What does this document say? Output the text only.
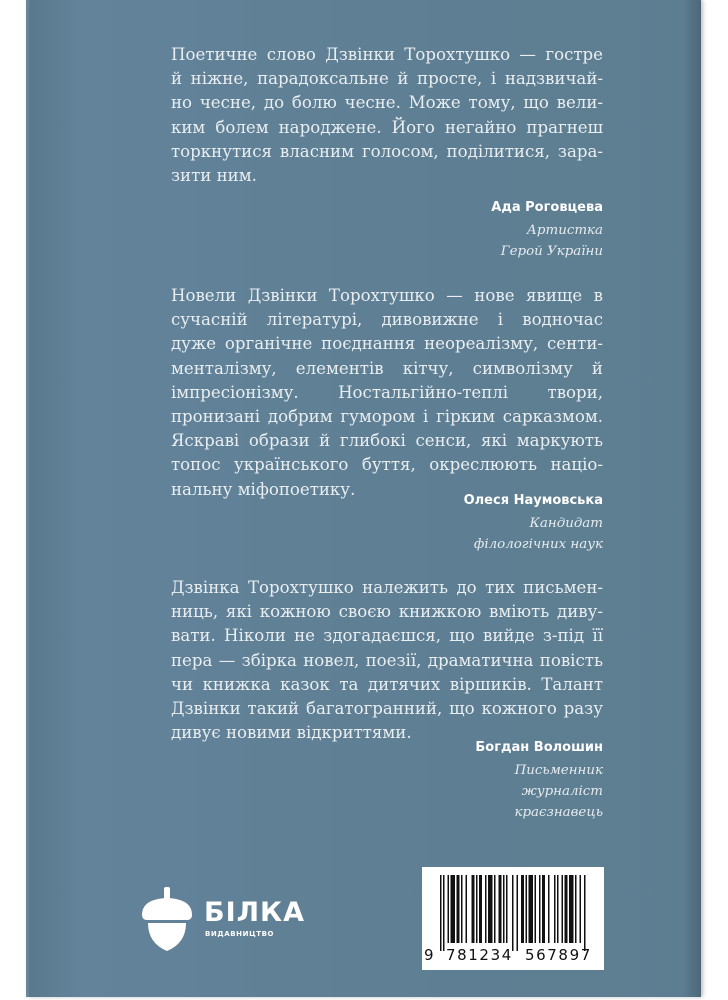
Поетичне слово Дзвінки Торохтушко — гостре
й ніжне, парадоксальне й просте, і надзвичай-
но чесне, до болю чесне. Може тому, що вели-
ким болем народжене. Його негайно прагнеш
торкнутися власним голосом, поділитися, зара-
зити ним.
Ада Роговцева
Артистка
Герой України
Новели Дзвінки Торохтушко — нове явище в
сучасній літературі, дивовижне і водночас
дуже органічне поєднання неореалізму, сенти-
менталізму, елементів кітчу, символізму й
імпресіонізму. Ностальгійно-теплі твори,
пронизані добрим гумором і гірким сарказмом.
Яскраві образи й глибокі сенси, які маркують
топос українського буття, окреслюють націо-
нальну міфопоетику.
Олеся Наумовська
Кандидат
філологічних наук
Дзвінка Торохтушко належить до тих письмен-
ниць, які кожною своєю книжкою вміють диву-
вати. Ніколи не здогадаєшся, що вийде з-під її
пера — збірка новел, поезії, драматична повість
чи книжка казок та дитячих віршиків. Талант
Дзвінки такий багатогранний, що кожного разу
дивує новими відкриттями.
Богдан Волошин
Письменник
журналіст
краєзнавець
БІЛКА
ВИДАВНИЦТВО
9 781234 567897
